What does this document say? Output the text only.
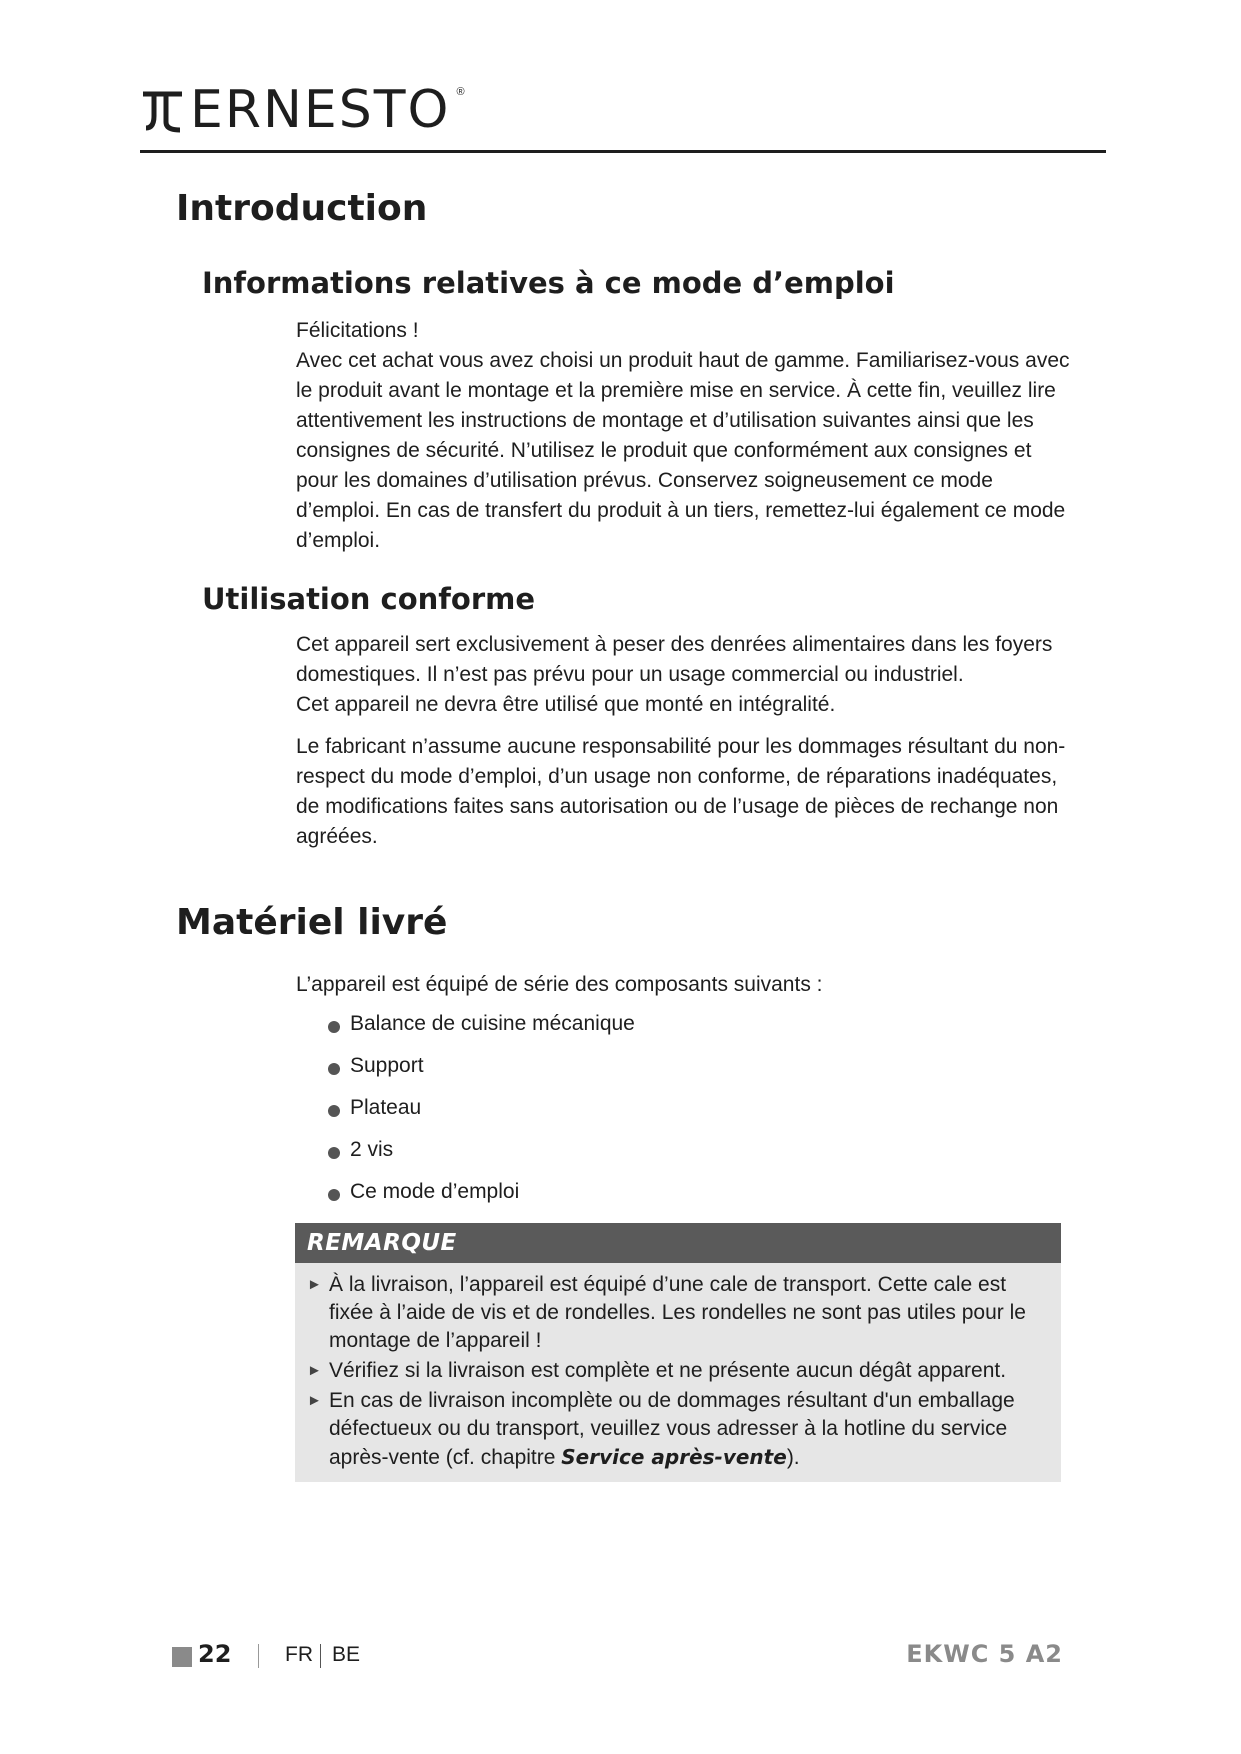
ERNESTO ®
Introduction
Informations relatives à ce mode d’emploi

Félicitations !

Avec cet achat vous avez choisi un produit haut de gamme. Familiarisez-vous avec le produit avant le montage et la première mise en service. À cette fin, veuillez lire attentivement les instructions de montage et d’utilisation suivantes ainsi que les consignes de sécurité. N’utilisez le produit que conformément aux consignes et pour les domaines d’utilisation prévus. Conservez soigneusement ce mode d’emploi. En cas de transfert du produit à un tiers, remettez-lui également ce mode d’emploi.

Utilisation conforme

Cet appareil sert exclusivement à peser des denrées alimentaires dans les foyers domestiques. Il n’est pas prévu pour un usage commercial ou industriel.

Cet appareil ne devra être utilisé que monté en intégralité.

Le fabricant n’assume aucune responsabilité pour les dommages résultant du non-respect du mode d’emploi, d’un usage non conforme, de réparations inadéquates, de modifications faites sans autorisation ou de l’usage de pièces de rechange non agréées.

Matériel livré

L’appareil est équipé de série des composants suivants :

Balance de cuisine mécanique
Support
Plateau
2 vis
Ce mode d’emploi
REMARQUE

► À la livraison, l’appareil est équipé d’une cale de transport. Cette cale est fixée à l’aide de vis et de rondelles. Les rondelles ne sont pas utiles pour le montage de l’appareil !

► Vérifiez si la livraison est complète et ne présente aucun dégât apparent.

► En cas de livraison incomplète ou de dommages résultant d'un emballage défectueux ou du transport, veuillez vous adresser à la hotline du service après-vente (cf. chapitre Service après-vente).

22	FR BE	EKWC 5 A2
